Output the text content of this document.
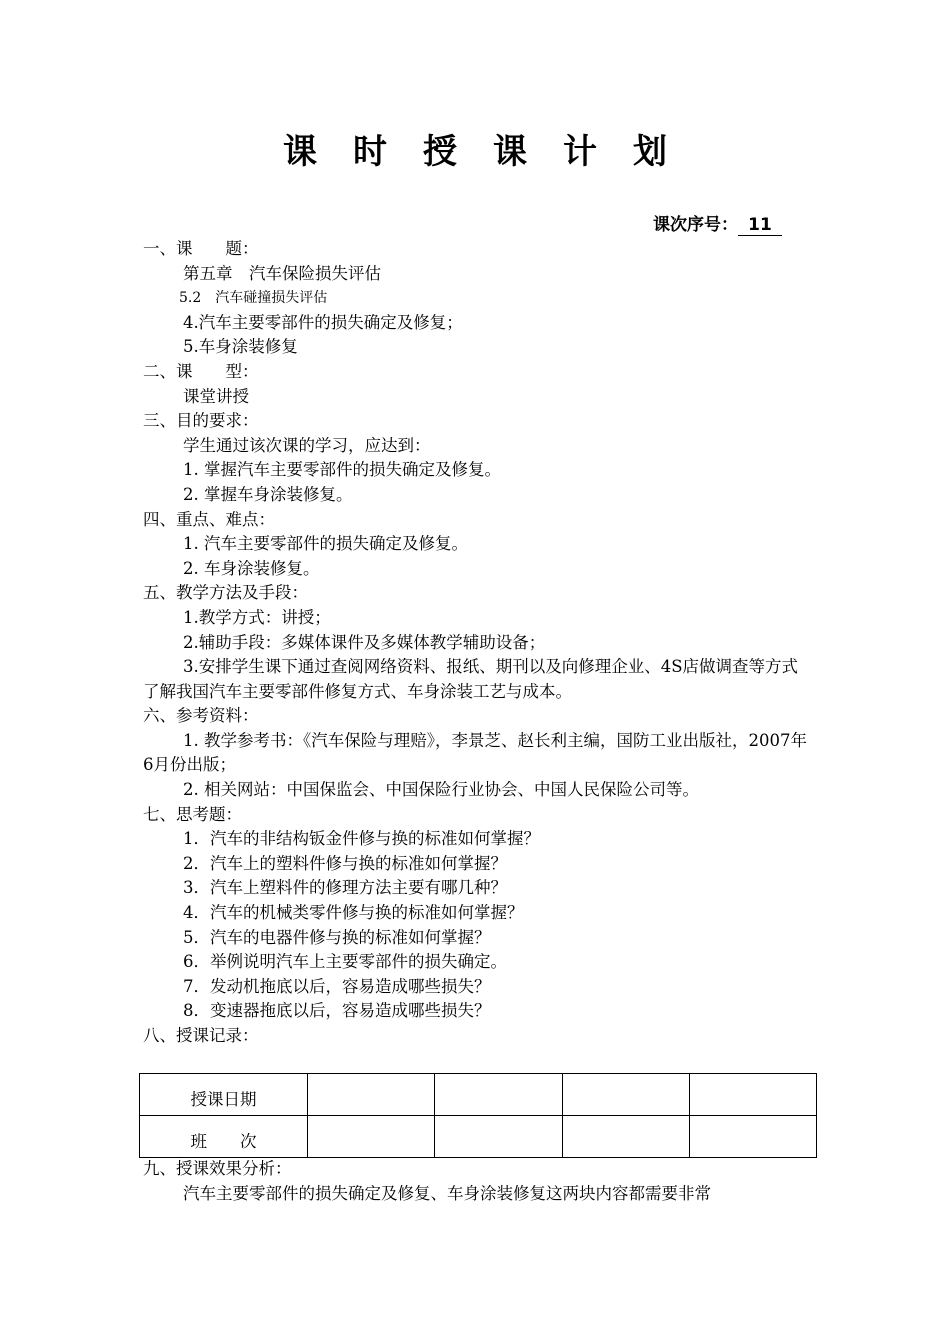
课时授课计划
课次序号： 11
一、课　　题：
第五章　汽车保险损失评估
5.2　汽车碰撞损失评估
4.汽车主要零部件的损失确定及修复；
5.车身涂装修复
二、课　　型：
课堂讲授
三、目的要求：
学生通过该次课的学习，应达到：
1. 掌握汽车主要零部件的损失确定及修复。
2. 掌握车身涂装修复。
四、重点、难点：
1. 汽车主要零部件的损失确定及修复。
2. 车身涂装修复。
五、教学方法及手段：
1.教学方式：讲授；
2.辅助手段：多媒体课件及多媒体教学辅助设备；
3.安排学生课下通过查阅网络资料、报纸、期刊以及向修理企业、4S店做调查等方式了解我国汽车主要零部件修复方式、车身涂装工艺与成本。
六、参考资料：
1. 教学参考书：《汽车保险与理赔》，李景芝、赵长利主编，国防工业出版社，2007年6月份出版；
2. 相关网站：中国保监会、中国保险行业协会、中国人民保险公司等。
七、思考题：
1．汽车的非结构钣金件修与换的标准如何掌握？
2．汽车上的塑料件修与换的标准如何掌握？
3．汽车上塑料件的修理方法主要有哪几种？
4．汽车的机械类零件修与换的标准如何掌握？
5．汽车的电器件修与换的标准如何掌握？
6．举例说明汽车上主要零部件的损失确定。
7．发动机拖底以后，容易造成哪些损失？
8．变速器拖底以后，容易造成哪些损失？
八、授课记录：
授课日期				
班　　次				
九、授课效果分析：
汽车主要零部件的损失确定及修复、车身涂装修复这两块内容都需要非常
